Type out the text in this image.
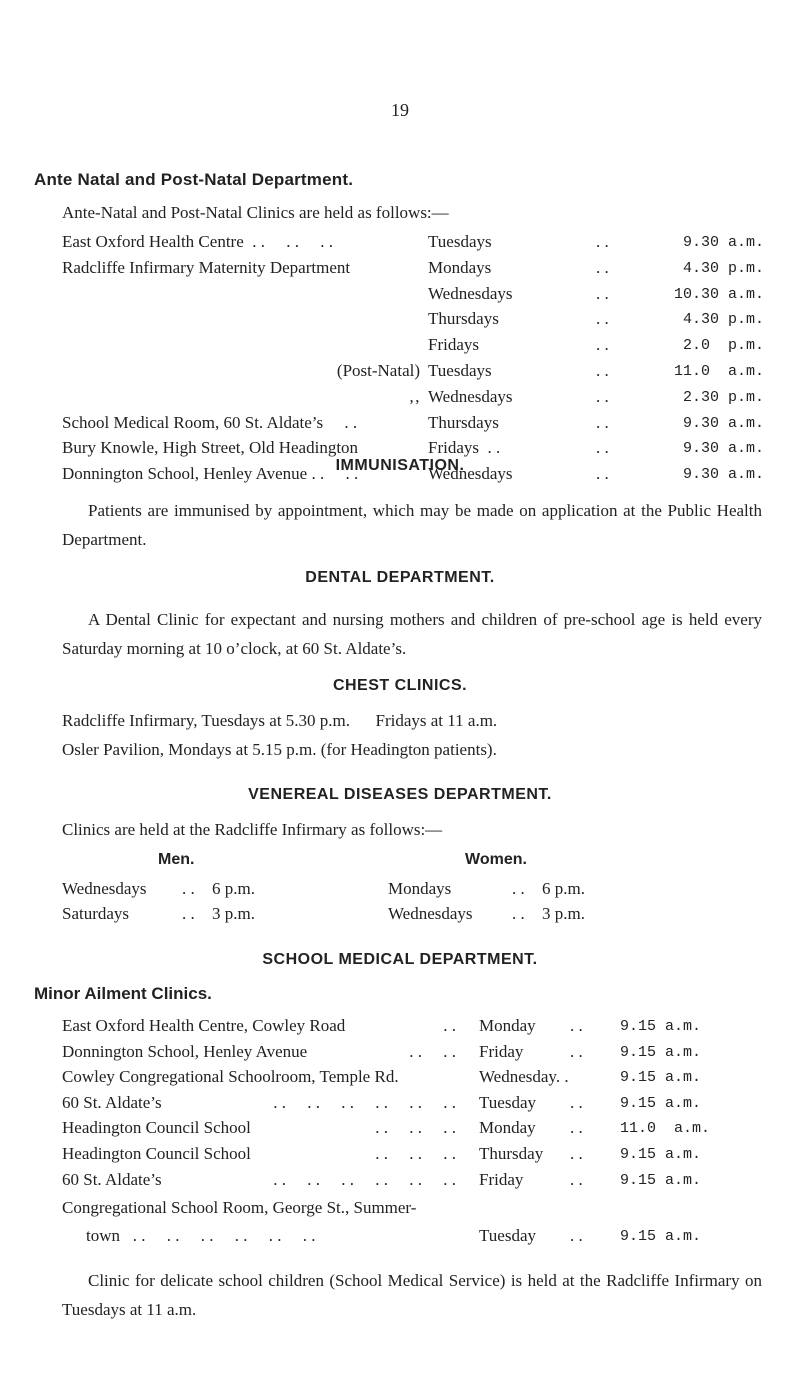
19
Ante Natal and Post-Natal Department.
Ante-Natal and Post-Natal Clinics are held as follows:—
East Oxford Health Centre  . .     . .     . .	Tuesdays	. .	9.30 a.m.
Radcliffe Infirmary Maternity Department	Mondays	. .	4.30 p.m.
Wednesdays	. .	10.30 a.m.
Thursdays	. .	4.30 p.m.
Fridays	. .	2.0  p.m.
(Post-Natal) Tuesdays	. .	11.0  a.m.
‚‚ Wednesdays	. .	2.30 p.m.
School Medical Room, 60 St. Aldate’s     . .	Thursdays	. .	9.30 a.m.
Bury Knowle, High Street, Old Headington	Fridays  . .	. .	9.30 a.m.
Donnington School, Henley Avenue . .     . .	Wednesdays	. .	9.30 a.m.
IMMUNISATION.
Patients are immunised by appointment, which may be made on application at the Public Health Department.
DENTAL DEPARTMENT.
A Dental Clinic for expectant and nursing mothers and children of pre-school age is held every Saturday morning at 10 o’clock, at 60 St. Aldate’s.
CHEST CLINICS.
Radcliffe Infirmary, Tuesdays at 5.30 p.m.      Fridays at 11 a.m.
Osler Pavilion, Mondays at 5.15 p.m. (for Headington patients).
VENEREAL DISEASES DEPARTMENT.
Clinics are held at the Radcliffe Infirmary as follows:—
Men.	Women.
Wednesdays . . 6 p.m.	Mondays	. . 6 p.m.
Saturdays	. . 3 p.m.	Wednesdays . . 3 p.m.
SCHOOL MEDICAL DEPARTMENT.
Minor Ailment Clinics.
East Oxford Health Centre, Cowley Road	. . Monday . . 9.15 a.m.
Donnington School, Henley Avenue	. .     . . Friday	. . 9.15 a.m.
Cowley Congregational Schoolroom, Temple Rd.	Wednesday. .	9.15 a.m.
60 St. Aldate’s	. .     . .     . .     . .     . .     . . Tuesday . . 9.15 a.m.
Headington Council School	. .     . .     . . Monday . . 11.0  a.m.
Headington Council School	. .     . .     . . Thursday . . 9.15 a.m.
60 St. Aldate’s	. .     . .     . .     . .     . .     . . Friday	. . 9.15 a.m.
Congregational School Room, George St., Summer-
town   . .     . .     . .     . .     . .     . .	Tuesday . . 9.15 a.m.
Clinic for delicate school children (School Medical Service) is held at the Radcliffe Infirmary on Tuesdays at 11 a.m.
